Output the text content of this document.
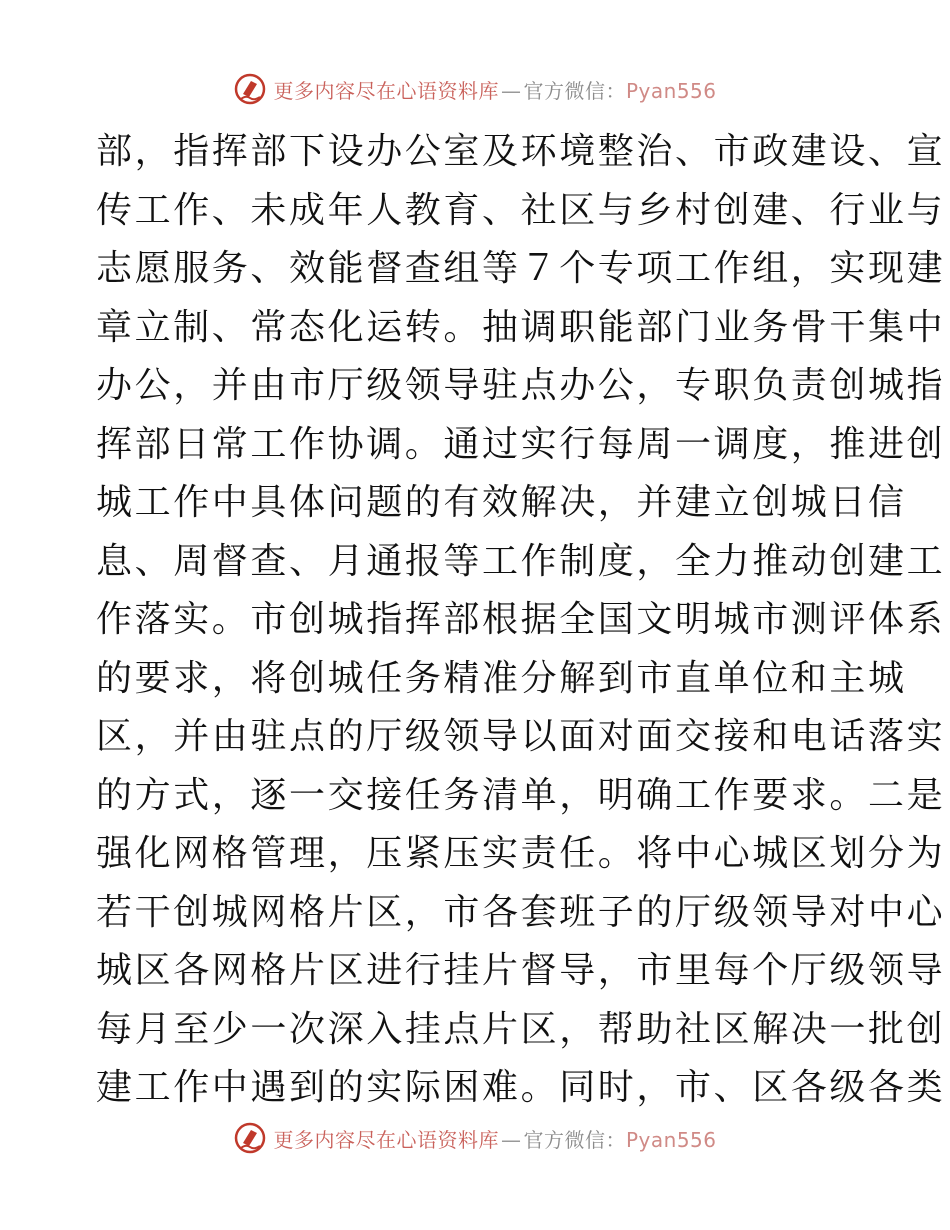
更多内容尽在心语资料库 — 官方微信：Pyan556
部，指挥部下设办公室及环境整治、市政建设、宣
传工作、未成年人教育、社区与乡村创建、行业与
志愿服务、效能督查组等７个专项工作组，实现建
章立制、常态化运转。抽调职能部门业务骨干集中
办公，并由市厅级领导驻点办公，专职负责创城指
挥部日常工作协调。通过实行每周一调度，推进创
城工作中具体问题的有效解决，并建立创城日信
息、周督查、月通报等工作制度，全力推动创建工
作落实。市创城指挥部根据全国文明城市测评体系
的要求，将创城任务精准分解到市直单位和主城
区，并由驻点的厅级领导以面对面交接和电话落实
的方式，逐一交接任务清单，明确工作要求。二是
强化网格管理，压紧压实责任。将中心城区划分为
若干创城网格片区，市各套班子的厅级领导对中心
城区各网格片区进行挂片督导，市里每个厅级领导
每月至少一次深入挂点片区，帮助社区解决一批创
建工作中遇到的实际困难。同时，市、区各级各类
更多内容尽在心语资料库 — 官方微信：Pyan556
